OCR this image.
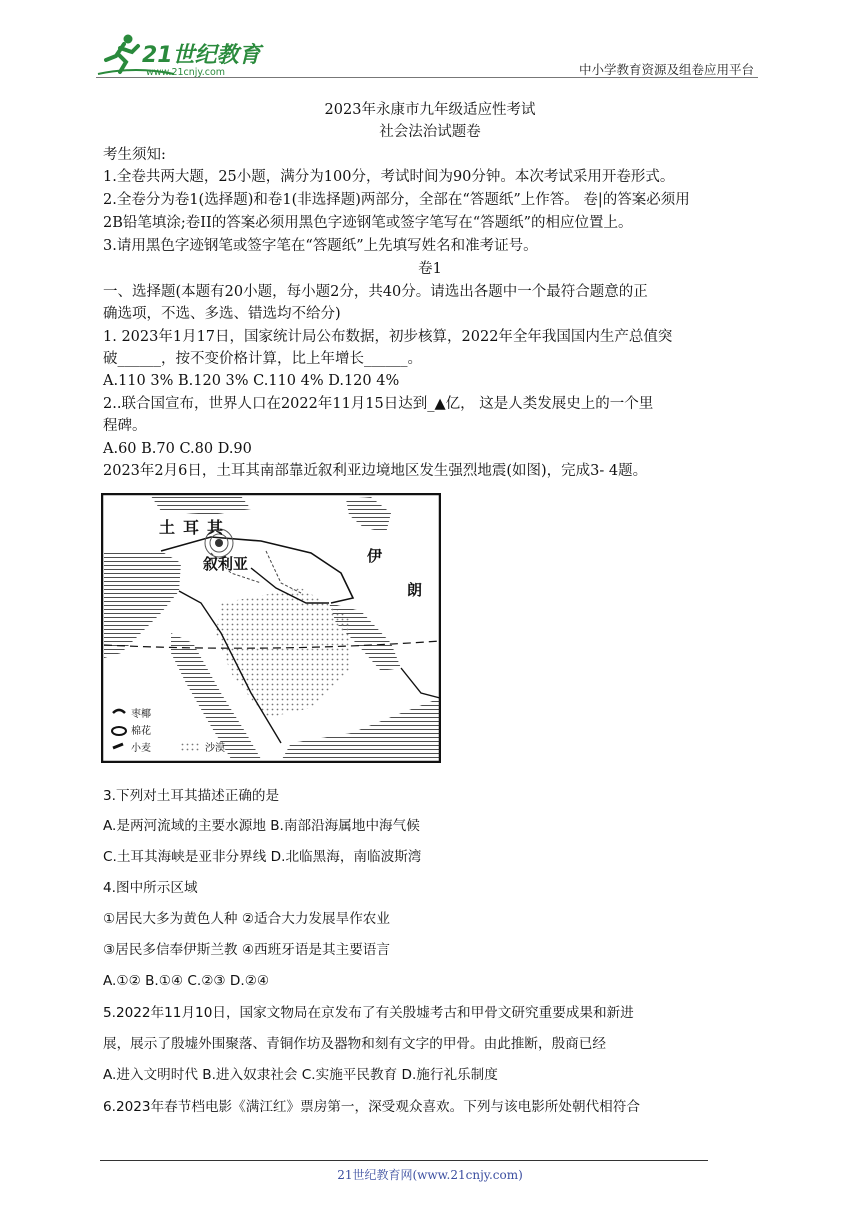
21世纪教育
www.21cnjy.com	中小学教育资源及组卷应用平台
2023年永康市九年级适应性考试
社会法治试题卷
考生须知:
1.全卷共两大题，25小题，满分为100分，考试时间为90分钟。本次考试采用开卷形式。
2.全卷分为卷1(选择题)和卷1(非选择题)两部分，全部在“答题纸”上作答。 卷|的答案必须用
2B铅笔填涂;卷II的答案必须用黑色字迹钢笔或签字笔写在“答题纸”的相应位置上。
3.请用黑色字迹钢笔或签字笔在“答题纸”上先填写姓名和准考证号。
卷1
一、选择题(本题有20小题，每小题2分，共40分。请选出各题中一个最符合题意的正
确选项，不选、多选、错选均不给分)
1. 2023年1月17日，国家统计局公布数据，初步核算，2022年全年我国国内生产总值突
破______，按不变价格计算，比上年增长______。
A.110 3% B.120 3% C.110 4% D.120 4%
2..联合国宣布，世界人口在2022年11月15日达到_▲亿， 这是人类发展史上的一个里
程碑。
A.60 B.70 C.80 D.90
2023年2月6日，土耳其南部靠近叙利亚边境地区发生强烈地震(如图)，完成3- 4题。
土耳其
叙利亚	伊
朗
枣椰
棉花
小麦	沙漠
3.下列对土耳其描述正确的是
A.是两河流域的主要水源地 B.南部沿海属地中海气候
C.土耳其海峡是亚非分界线 D.北临黑海，南临波斯湾
4.图中所示区域
①居民大多为黄色人种 ②适合大力发展旱作农业
③居民多信奉伊斯兰教 ④西班牙语是其主要语言
A.①② B.①④ C.②③ D.②④
5.2022年11月10日，国家文物局在京发布了有关殷墟考古和甲骨文研究重要成果和新进
展，展示了殷墟外围聚落、青铜作坊及器物和刻有文字的甲骨。由此推断，殷商已经
A.进入文明时代 B.进入奴隶社会 C.实施平民教育 D.施行礼乐制度
6.2023年春节档电影《满江红》票房第一，深受观众喜欢。下列与该电影所处朝代相符合
21世纪教育网(www.21cnjy.com)
